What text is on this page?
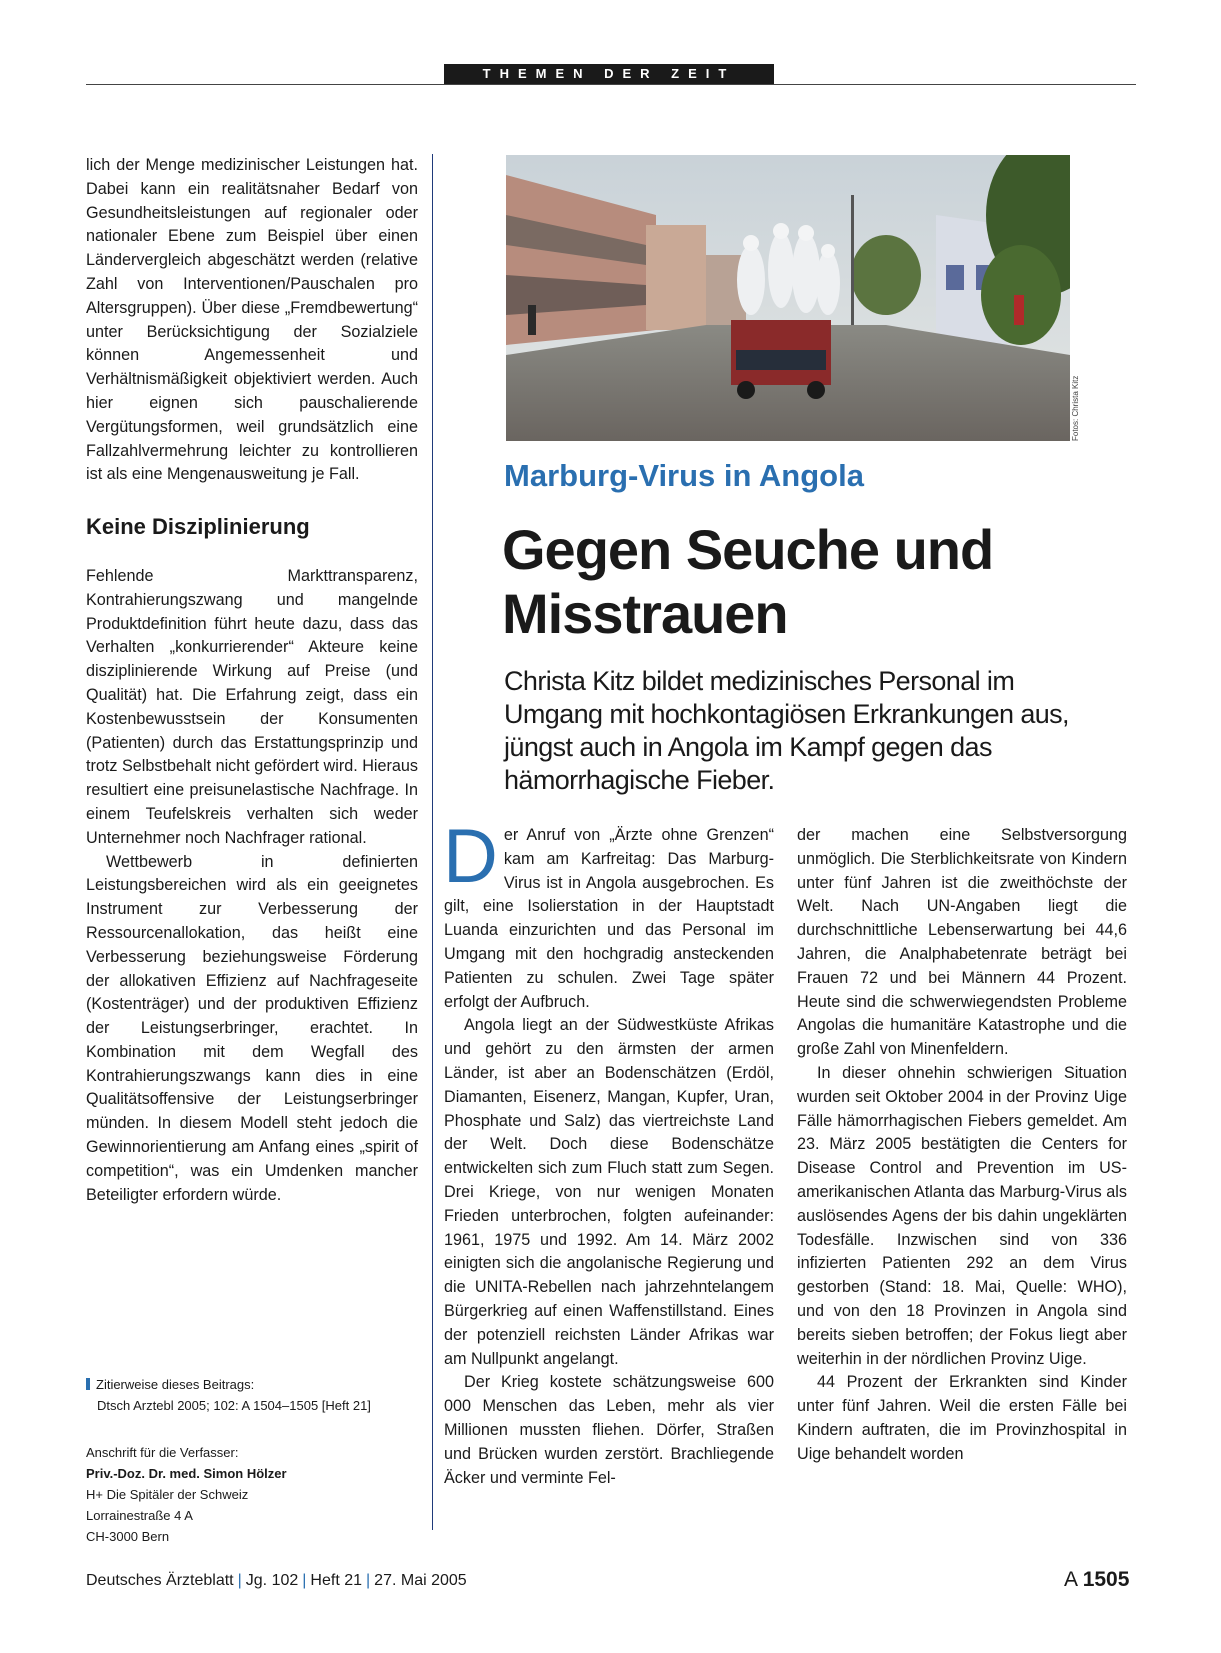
THEMEN DER ZEIT

lich der Menge medizinischer Leistungen hat. Dabei kann ein realitätsnaher Bedarf von Gesundheitsleistungen auf regionaler oder nationaler Ebene zum Beispiel über einen Ländervergleich abgeschätzt werden (relative Zahl von Interventionen/Pauschalen pro Altersgruppen). Über diese „Fremdbewertung“ unter Berücksichtigung der Sozialziele können Angemessenheit und Verhältnismäßigkeit objektiviert werden. Auch hier eignen sich pauschalierende Vergütungsformen, weil grundsätzlich eine Fallzahlvermehrung leichter zu kontrollieren ist als eine Mengenausweitung je Fall.

Keine Disziplinierung

Fehlende Markttransparenz, Kontrahierungszwang und mangelnde Produktdefinition führt heute dazu, dass das Verhalten „konkurrierender“ Akteure keine disziplinierende Wirkung auf Preise (und Qualität) hat. Die Erfahrung zeigt, dass ein Kostenbewusstsein der Konsumenten (Patienten) durch das Erstattungsprinzip und trotz Selbstbehalt nicht gefördert wird. Hieraus resultiert eine preisunelastische Nachfrage. In einem Teufelskreis verhalten sich weder Unternehmer noch Nachfrager rational.

Wettbewerb in definierten Leistungsbereichen wird als ein geeignetes Instrument zur Verbesserung der Ressourcenallokation, das heißt eine Verbesserung beziehungsweise Förderung der allokativen Effizienz auf Nachfrageseite (Kostenträger) und der produktiven Effizienz der Leistungserbringer, erachtet. In Kombination mit dem Wegfall des Kontrahierungszwangs kann dies in eine Qualitätsoffensive der Leistungserbringer münden. In diesem Modell steht jedoch die Gewinnorientierung am Anfang eines „spirit of competition“, was ein Umdenken mancher Beteiligter erfordern würde.

Zitierweise dieses Beitrags:
Dtsch Arztebl 2005; 102: A 1504–1505 [Heft 21]
Anschrift für die Verfasser:
Priv.-Doz. Dr. med. Simon Hölzer
H+ Die Spitäler der Schweiz
Lorrainestraße 4 A
CH-3000 Bern
Fotos: Christa Kitz
Marburg-Virus in Angola
Gegen Seuche und Misstrauen
Christa Kitz bildet medizinisches Personal im Umgang mit hochkontagiösen Erkrankungen aus, jüngst auch in Angola im Kampf gegen das hämorrhagische Fieber.

Der Anruf von „Ärzte ohne Grenzen“ kam am Karfreitag: Das Marburg-Virus ist in Angola ausgebrochen. Es gilt, eine Isolierstation in der Hauptstadt Luanda einzurichten und das Personal im Umgang mit den hochgradig ansteckenden Patienten zu schulen. Zwei Tage später erfolgt der Aufbruch.

Angola liegt an der Südwestküste Afrikas und gehört zu den ärmsten der armen Länder, ist aber an Bodenschätzen (Erdöl, Diamanten, Eisenerz, Mangan, Kupfer, Uran, Phosphate und Salz) das viertreichste Land der Welt. Doch diese Bodenschätze entwickelten sich zum Fluch statt zum Segen. Drei Kriege, von nur wenigen Monaten Frieden unterbrochen, folgten aufeinander: 1961, 1975 und 1992. Am 14. März 2002 einigten sich die angolanische Regierung und die UNITA-Rebellen nach jahrzehntelangem Bürgerkrieg auf einen Waffenstillstand. Eines der potenziell reichsten Länder Afrikas war am Nullpunkt angelangt.

Der Krieg kostete schätzungsweise 600 000 Menschen das Leben, mehr als vier Millionen mussten fliehen. Dörfer, Straßen und Brücken wurden zerstört. Brachliegende Äcker und verminte Fel-

der machen eine Selbstversorgung unmöglich. Die Sterblichkeitsrate von Kindern unter fünf Jahren ist die zweithöchste der Welt. Nach UN-Angaben liegt die durchschnittliche Lebenserwartung bei 44,6 Jahren, die Analphabetenrate beträgt bei Frauen 72 und bei Männern 44 Prozent. Heute sind die schwerwiegendsten Probleme Angolas die humanitäre Katastrophe und die große Zahl von Minenfeldern.

In dieser ohnehin schwierigen Situation wurden seit Oktober 2004 in der Provinz Uige Fälle hämorrhagischen Fiebers gemeldet. Am 23. März 2005 bestätigten die Centers for Disease Control and Prevention im US-amerikanischen Atlanta das Marburg-Virus als auslösendes Agens der bis dahin ungeklärten Todesfälle. Inzwischen sind von 336 infizierten Patienten 292 an dem Virus gestorben (Stand: 18. Mai, Quelle: WHO), und von den 18 Provinzen in Angola sind bereits sieben betroffen; der Fokus liegt aber weiterhin in der nördlichen Provinz Uige.

44 Prozent der Erkrankten sind Kinder unter fünf Jahren. Weil die ersten Fälle bei Kindern auftraten, die im Provinzhospital in Uige behandelt worden

Deutsches Ärzteblatt | Jg. 102 | Heft 21 | 27. Mai 2005	A 1505
